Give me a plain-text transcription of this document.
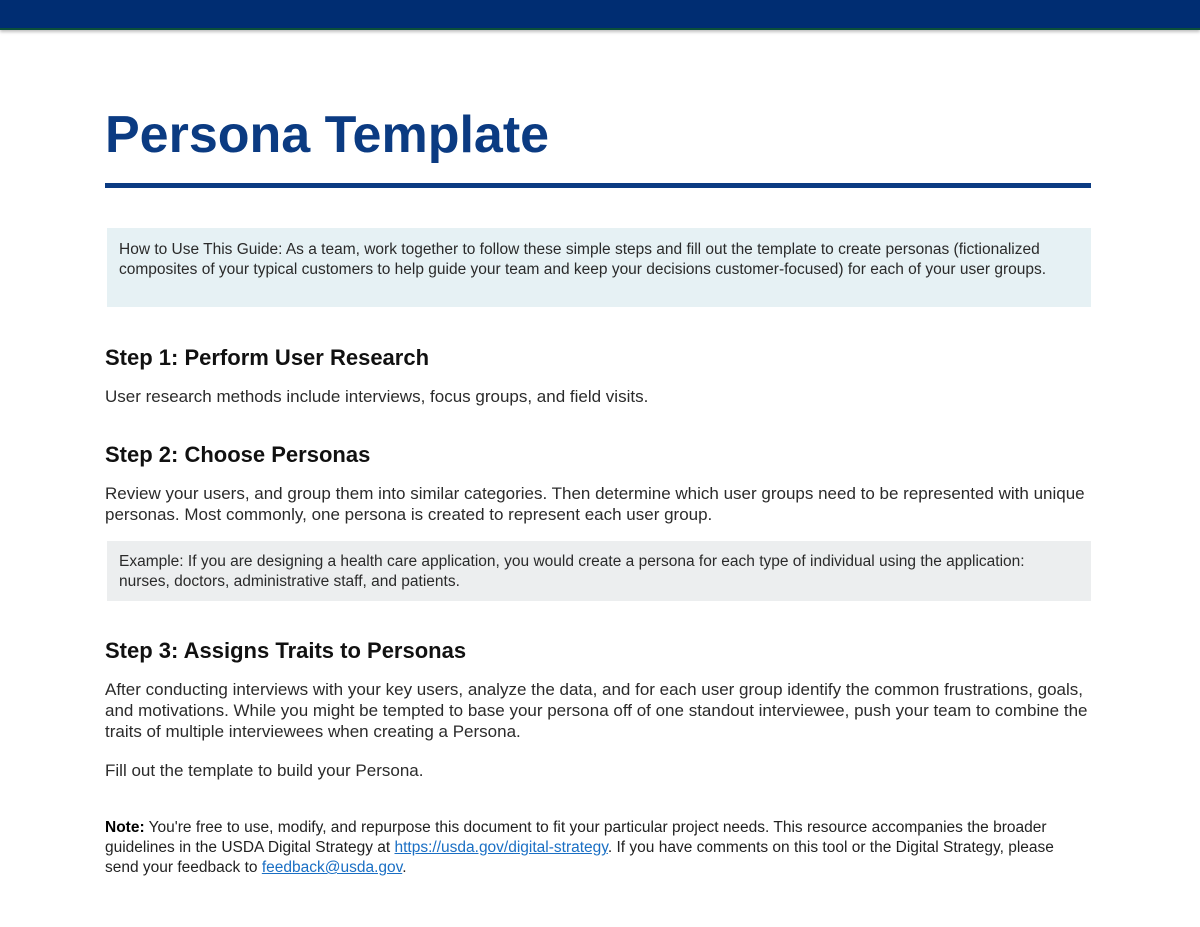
Persona Template
How to Use This Guide: As a team, work together to follow these simple steps and fill out the template to create personas (fictionalized composites of your typical customers to help guide your team and keep your decisions customer-focused) for each of your user groups.
Step 1: Perform User Research

User research methods include interviews, focus groups, and field visits.

Step 2: Choose Personas

Review your users, and group them into similar categories. Then determine which user groups need to be represented with unique personas. Most commonly, one persona is created to represent each user group.

Example: If you are designing a health care application, you would create a persona for each type of individual using the application: nurses, doctors, administrative staff, and patients.
Step 3: Assigns Traits to Personas

After conducting interviews with your key users, analyze the data, and for each user group identify the common frustrations, goals, and motivations. While you might be tempted to base your persona off of one standout interviewee, push your team to combine the traits of multiple interviewees when creating a Persona.

Fill out the template to build your Persona.

Note: You're free to use, modify, and repurpose this document to fit your particular project needs. This resource accompanies the broader guidelines in the USDA Digital Strategy at https://usda.gov/digital-strategy. If you have comments on this tool or the Digital Strategy, please send your feedback to feedback@usda.gov.
